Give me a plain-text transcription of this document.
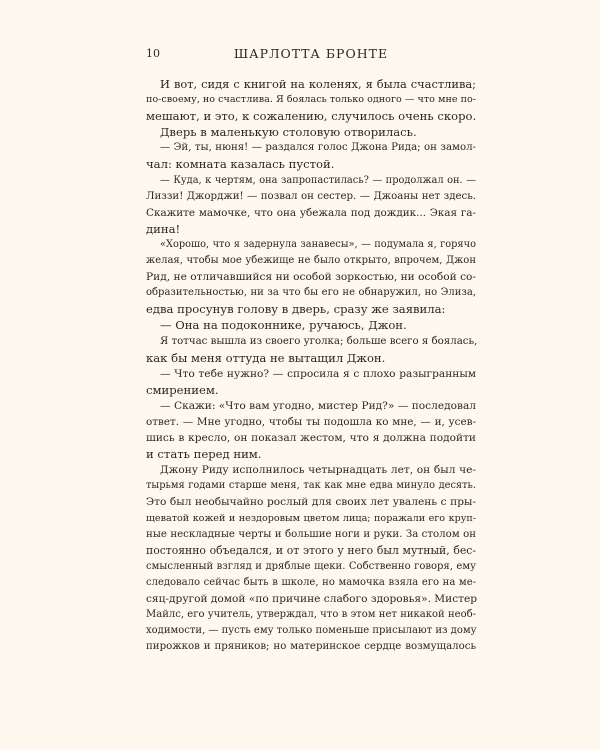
10	ШАРЛОТТА БРОНТЕ
И вот, сидя с книгой на коленях, я была счастлива;
по-своему, но счастлива. Я боялась только одного — что мне по-
мешают, и это, к сожалению, случилось очень скоро.
Дверь в маленькую столовую отворилась.
— Эй, ты, нюня! — раздался голос Джона Рида; он замол-
чал: комната казалась пустой.
— Куда, к чертям, она запропастилась? — продолжал он. —
Лиззи! Джорджи! — позвал он сестер. — Джоаны нет здесь.
Скажите мамочке, что она убежала под дождик... Экая га-
дина!
«Хорошо, что я задернула занавесы», — подумала я, горячо
желая, чтобы мое убежище не было открыто, впрочем, Джон
Рид, не отличавшийся ни особой зоркостью, ни особой со-
образительностью, ни за что бы его не обнаружил, но Элиза,
едва просунув голову в дверь, сразу же заявила:
— Она на подоконнике, ручаюсь, Джон.
Я тотчас вышла из своего уголка; больше всего я боялась,
как бы меня оттуда не вытащил Джон.
— Что тебе нужно? — спросила я с плохо разыгранным
смирением.
— Скажи: «Что вам угодно, мистер Рид?» — последовал
ответ. — Мне угодно, чтобы ты подошла ко мне, — и, усев-
шись в кресло, он показал жестом, что я должна подойти
и стать перед ним.
Джону Риду исполнилось четырнадцать лет, он был че-
тырьмя годами старше меня, так как мне едва минуло десять.
Это был необычайно рослый для своих лет увалень с пры-
щеватой кожей и нездоровым цветом лица; поражали его круп-
ные нескладные черты и большие ноги и руки. За столом он
постоянно объедался, и от этого у него был мутный, бес-
смысленный взгляд и дряблые щеки. Собственно говоря, ему
следовало сейчас быть в школе, но мамочка взяла его на ме-
сяц-другой домой «по причине слабого здоровья». Мистер
Майлс, его учитель, утверждал, что в этом нет никакой необ-
ходимости, — пусть ему только поменьше присылают из дому
пирожков и пряников; но материнское сердце возмущалось
